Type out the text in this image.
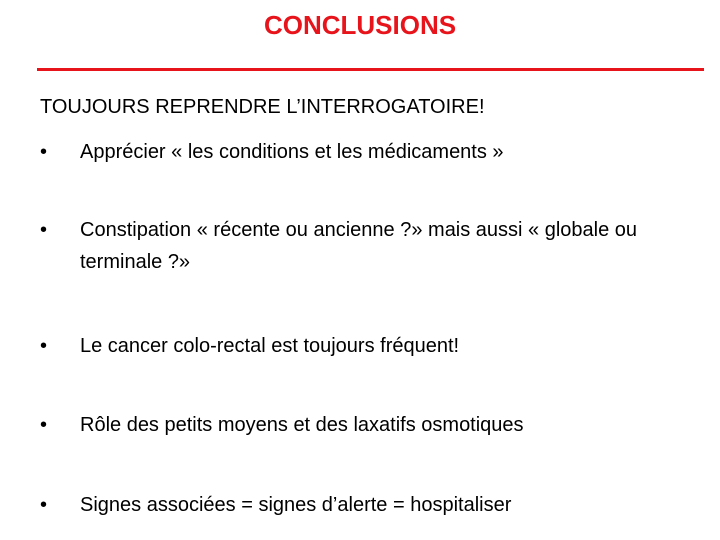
CONCLUSIONS
TOUJOURS REPRENDRE L’INTERROGATOIRE!
•	Apprécier « les conditions et les médicaments »
•	Constipation « récente ou ancienne ?» mais aussi « globale ou terminale ?»
•	Le cancer colo-rectal est toujours fréquent!
•	Rôle des petits moyens et des laxatifs osmotiques
•	Signes associées = signes d’alerte = hospitaliser
